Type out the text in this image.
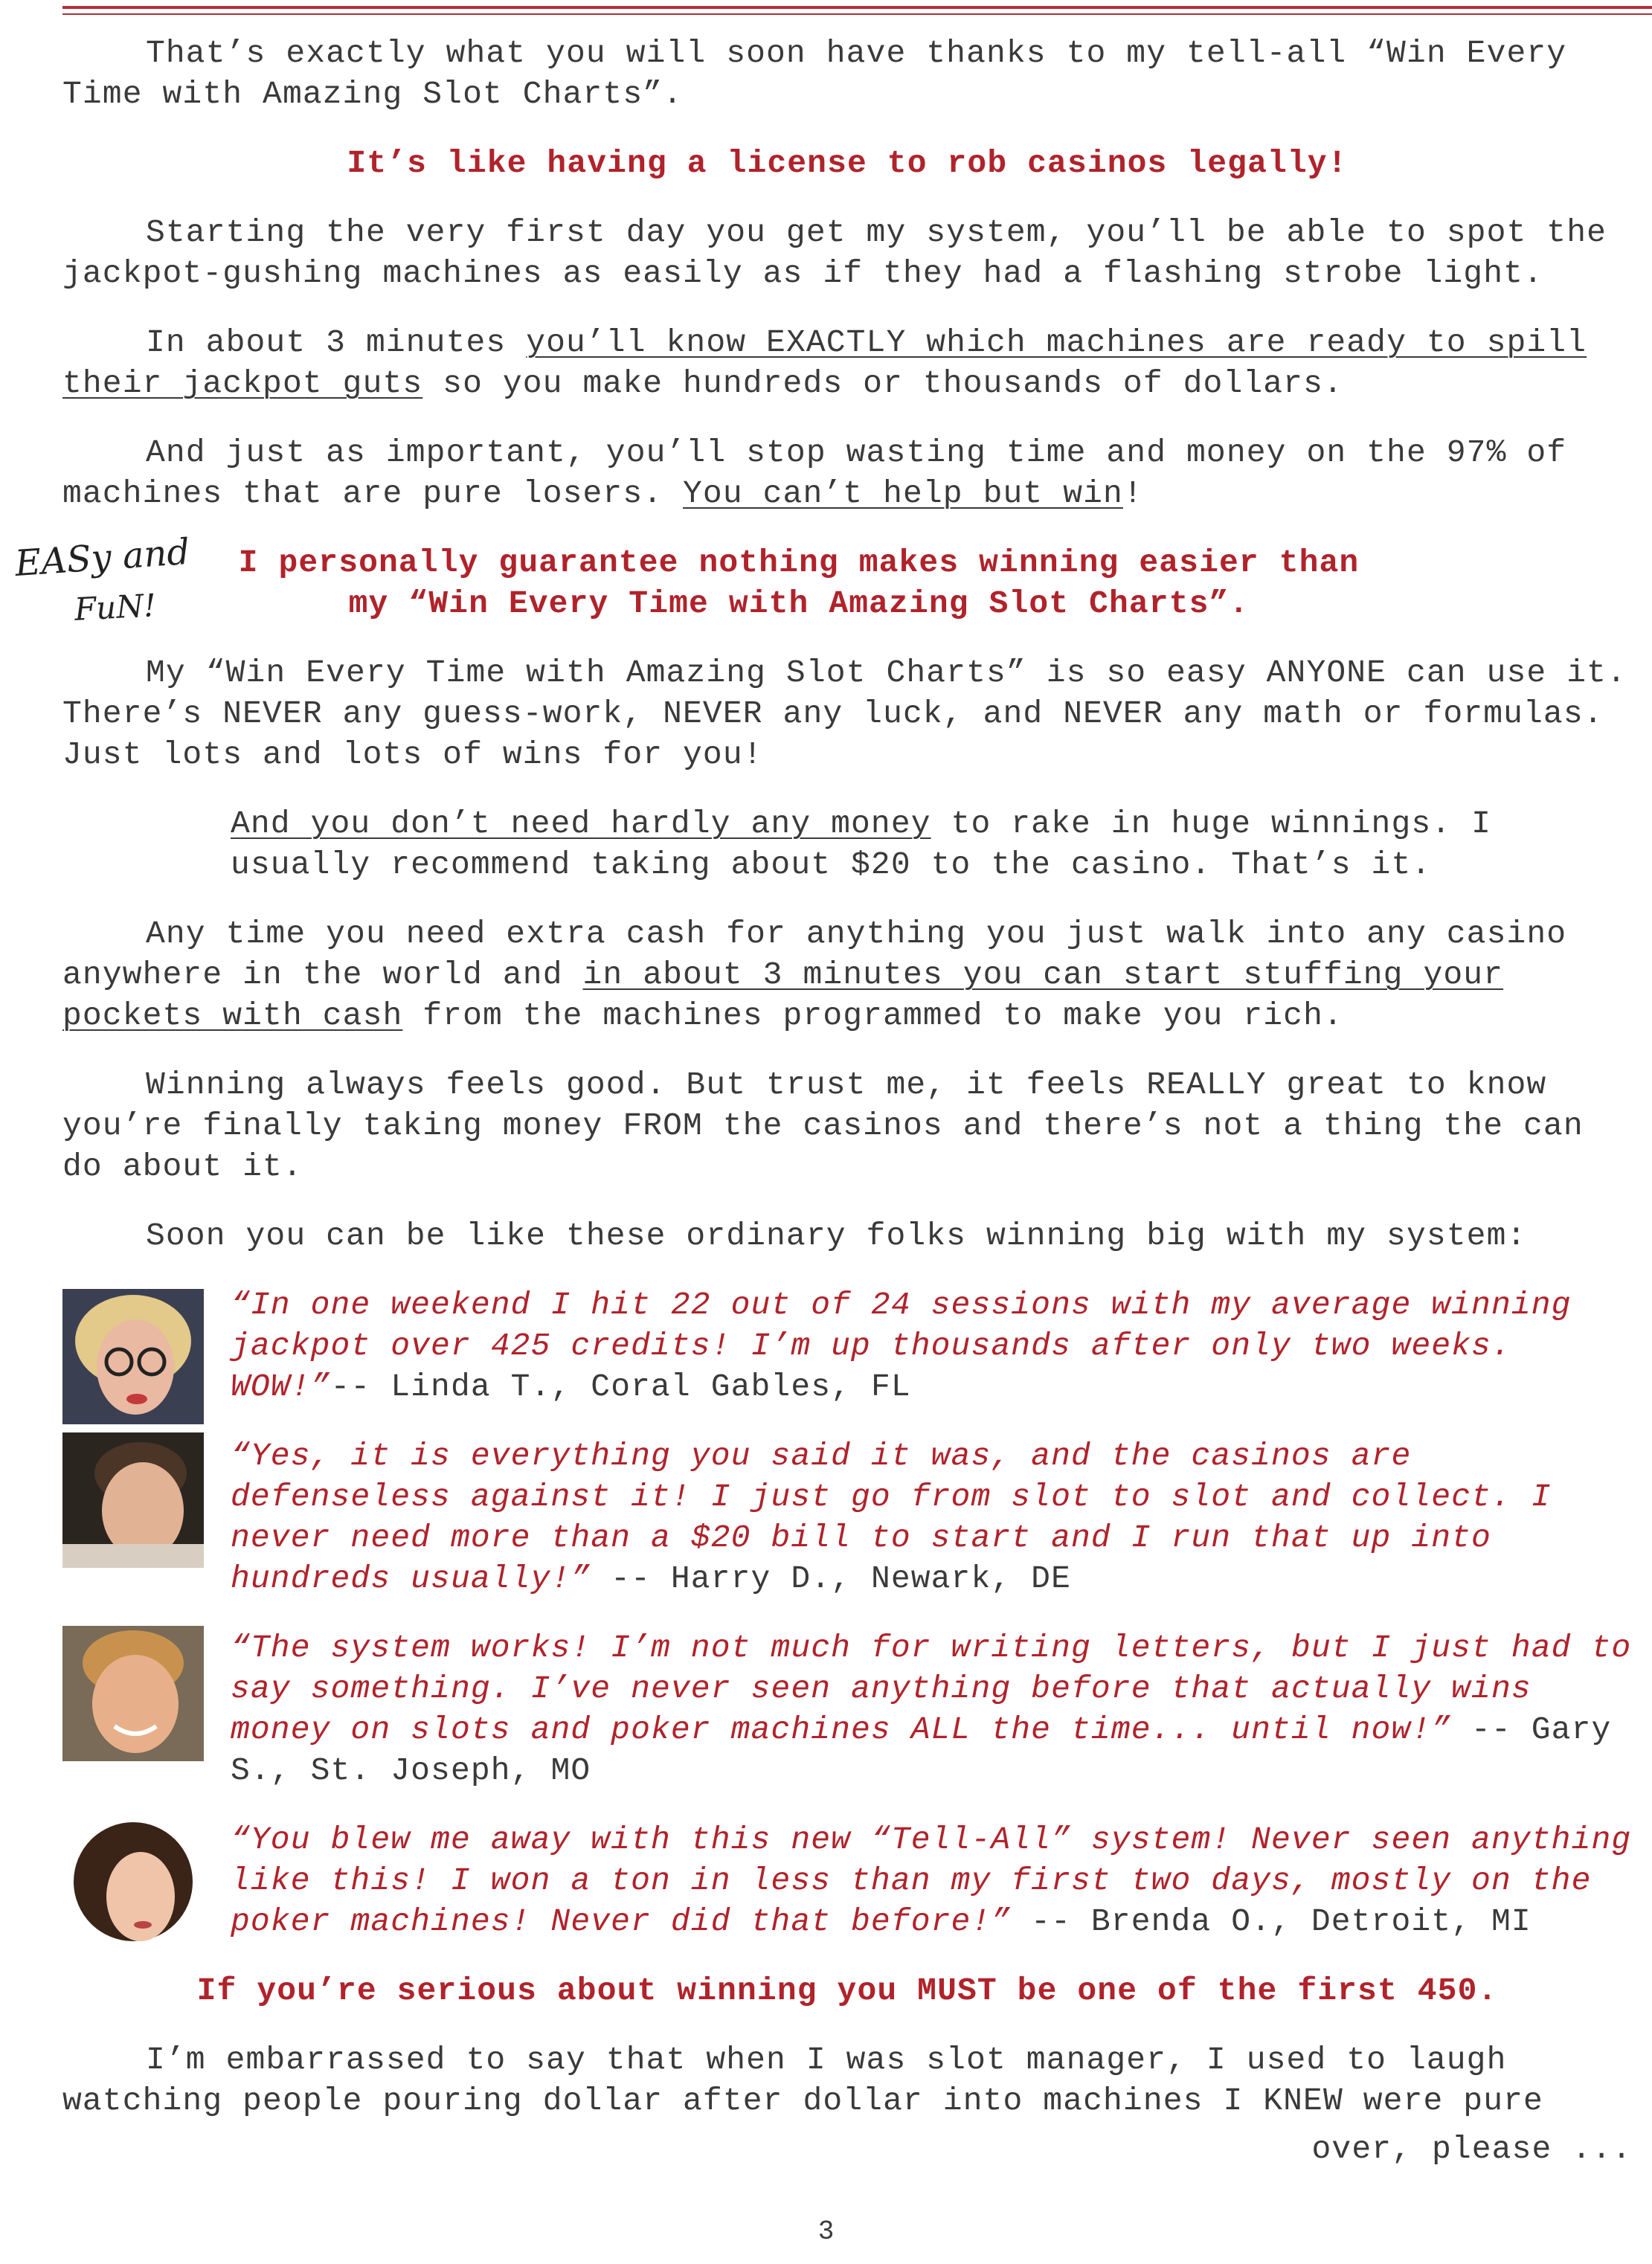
EASy and
FuN!

That’s exactly what you will soon have thanks to my tell-all “Win Every Time with Amazing Slot Charts”.

It’s like having a license to rob casinos legally!

Starting the very first day you get my system, you’ll be able to spot the jackpot-gushing machines as easily as if they had a flashing strobe light.

In about 3 minutes you’ll know EXACTLY which machines are ready to spill their jackpot guts so you make hundreds or thousands of dollars.

And just as important, you’ll stop wasting time and money on the 97% of machines that are pure losers. You can’t help but win!

I personally guarantee nothing makes winning easier than
my “Win Every Time with Amazing Slot Charts”.

My “Win Every Time with Amazing Slot Charts” is so easy ANYONE can use it. There’s NEVER any guess-work, NEVER any luck, and NEVER any math or formulas. Just lots and lots of wins for you!

And you don’t need hardly any money to rake in huge winnings. I usually recommend taking about $20 to the casino. That’s it.

Any time you need extra cash for anything you just walk into any casino anywhere in the world and in about 3 minutes you can start stuffing your pockets with cash from the machines programmed to make you rich.

Winning always feels good. But trust me, it feels REALLY great to know you’re finally taking money FROM the casinos and there’s not a thing the can do about it.

Soon you can be like these ordinary folks winning big with my system:

“In one weekend I hit 22 out of 24 sessions with my average winning jackpot over 425 credits! I’m up thousands after only two weeks. WOW!”-- Linda T., Coral Gables, FL

“Yes, it is everything you said it was, and the casinos are defenseless against it! I just go from slot to slot and collect. I never need more than a $20 bill to start and I run that up into hundreds usually!” -- Harry D., Newark, DE

“The system works! I’m not much for writing letters, but I just had to say something. I’ve never seen anything before that actually wins money on slots and poker machines ALL the time... until now!” -- Gary S., St. Joseph, MO

“You blew me away with this new “Tell-All” system! Never seen anything like this! I won a ton in less than my first two days, mostly on the poker machines! Never did that before!” -- Brenda O., Detroit, MI

If you’re serious about winning you MUST be one of the first 450.

I’m embarrassed to say that when I was slot manager, I used to laugh watching people pouring dollar after dollar into machines I KNEW were pure

over, please ...

3
